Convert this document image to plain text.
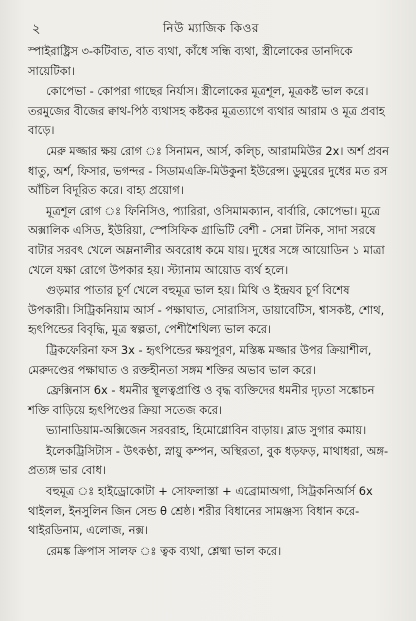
২	নিউ ম্যাজিক কিওর

স্পাইরাষ্ট্রিস ৩-কটিবাত, বাত ব্যথা, কাঁধে সন্ধি ব্যথা, স্ত্রীলোকের ডানদিকে সায়েটিকা।

কোপেভা - কোপরা গাছের নির্যাস। স্ত্রীলোকের মূত্রশূল, মূত্রকষ্ট ভাল করে। তরমুজের বীজের ক্বাথ-পিঠ ব্যথাসহ কষ্টকর মূত্রত্যাগে ব্যথার আরাম ও মূত্র প্রবাহ বাড়ে।

মেরু মজ্জার ক্ষয় রোগ ঃ সিনামন, আর্স, কল্চি, আরামমিউর 2x। অর্শ প্রবন ধাতু, অর্শ, ফিসার, ভগন্দর - সিডামএক্রি-মিউকুনা ইউরেন্স। ডুমুরের দুধের মত রস আঁচিল বিদূরিত করে। বাহ্য প্রয়োগ।

মূত্রশূল রোগ ঃ ফিনিসিও, প্যারিরা, ওসিমামক্যান, বার্বারি, কোপেভা। মূত্রে অক্সালিক এসিড, ইউরিয়া, স্পেসিফিক গ্রাভিটি বেশী - সেন্না টনিক, সাদা সরষে বাটার সরবৎ খেলে অম্লনালীর অবরোধ কমে যায়। দুধের সঙ্গে আয়োডিন ১ মাত্রা খেলে যক্ষা রোগে উপকার হয়। স্ট্যানাম আয়োড ব্যর্থ হলে।

গুড়মার পাতার চূর্ণ খেলে বহুমূত্র ভাল হয়। মিথি ও ইন্দ্রযব চূর্ণ বিশেষ উপকারী। সিট্রিকনিয়াম আর্স - পক্ষাঘাত, সোরাসিস, ডায়াবেটিস, শ্বাসকষ্ট, শোথ, হৃৎপিন্ডের বিবৃদ্ধি, মূত্র স্বল্পতা, পেশীশৈথিল্য ভাল করে।

ট্রিকফেরিনা ফস 3x - হৃৎপিন্ডের ক্ষয়পূরণ, মস্তিষ্ক মজ্জার উপর ক্রিয়াশীল, মেরুদণ্ডের পক্ষাঘাত ও রক্তহীনতা সঙ্গম শক্তির অভাব ভাল করে।

ফ্রেক্সিনাস 6x - ধমনীর স্থূলত্বপ্রাপ্তি ও বৃদ্ধ ব্যক্তিদের ধমনীর দৃঢ়তা সঙ্কোচন শক্তি বাড়িয়ে হৃৎপিণ্ডের ক্রিয়া সতেজ করে।

ভ্যানাডিয়াম-অক্সিজেন সরবরাহ, হিমোগ্লোবিন বাড়ায়। ব্লাড সুগার কমায়।

ইলেকট্রিসিটাস - উৎকণ্ঠা, স্নায়ু কম্পন, অস্থিরতা, বুক ধড়ফড়, মাথাধরা, অঙ্গ-প্রত্যঙ্গ ভার বোধ।

বহুমূত্র ঃ হাইড্রোকোটা + সোফলাস্তা + এব্রোমাঅগা, সিট্রকনির্আর্স 6x থাইলল, ইনসুলিন জিন সেন্ড θ শ্রেষ্ঠ। শরীর বিধানের সামঞ্জস্য বিধান করে-থাইরডিনাম, এলোজ, নক্স।

রেমঙ্ক ক্রিপাস সালফ ঃ ত্বক ব্যথা, শ্লেষ্মা ভাল করে।
